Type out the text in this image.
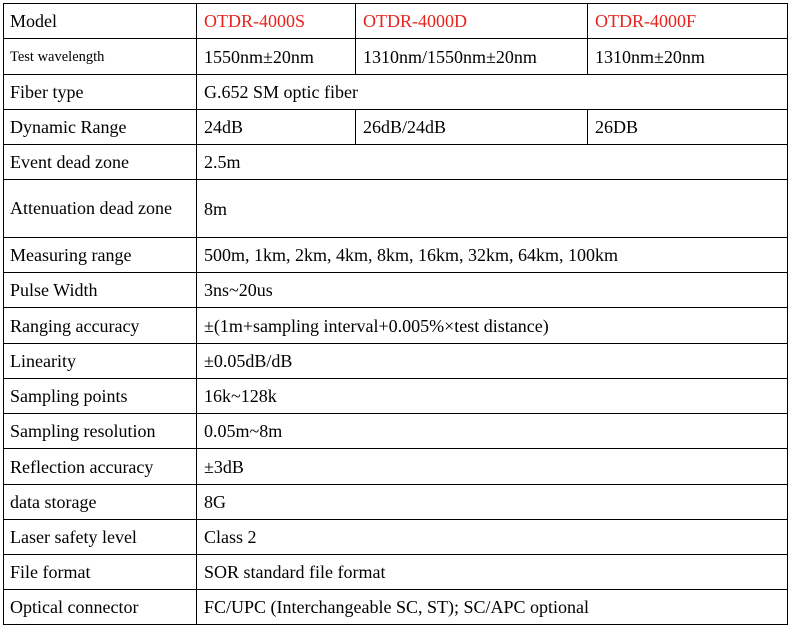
Model	OTDR-4000S	OTDR-4000D	OTDR-4000F
Test wavelength	1550nm±20nm	1310nm/1550nm±20nm	1310nm±20nm
Fiber type	G.652 SM optic fiber		
Dynamic Range	24dB	26dB/24dB	26DB
Event dead zone	2.5m		
Attenuation dead zone	8m		
Measuring range	500m, 1km, 2km, 4km, 8km, 16km, 32km, 64km, 100km		
Pulse Width	3ns~20us		
Ranging accuracy	±(1m+sampling interval+0.005%×test distance)		
Linearity	±0.05dB/dB		
Sampling points	16k~128k		
Sampling resolution	0.05m~8m		
Reflection accuracy	±3dB		
data storage	8G		
Laser safety level	Class 2		
File format	SOR standard file format		
Optical connector	FC/UPC (Interchangeable SC, ST); SC/APC optional		
